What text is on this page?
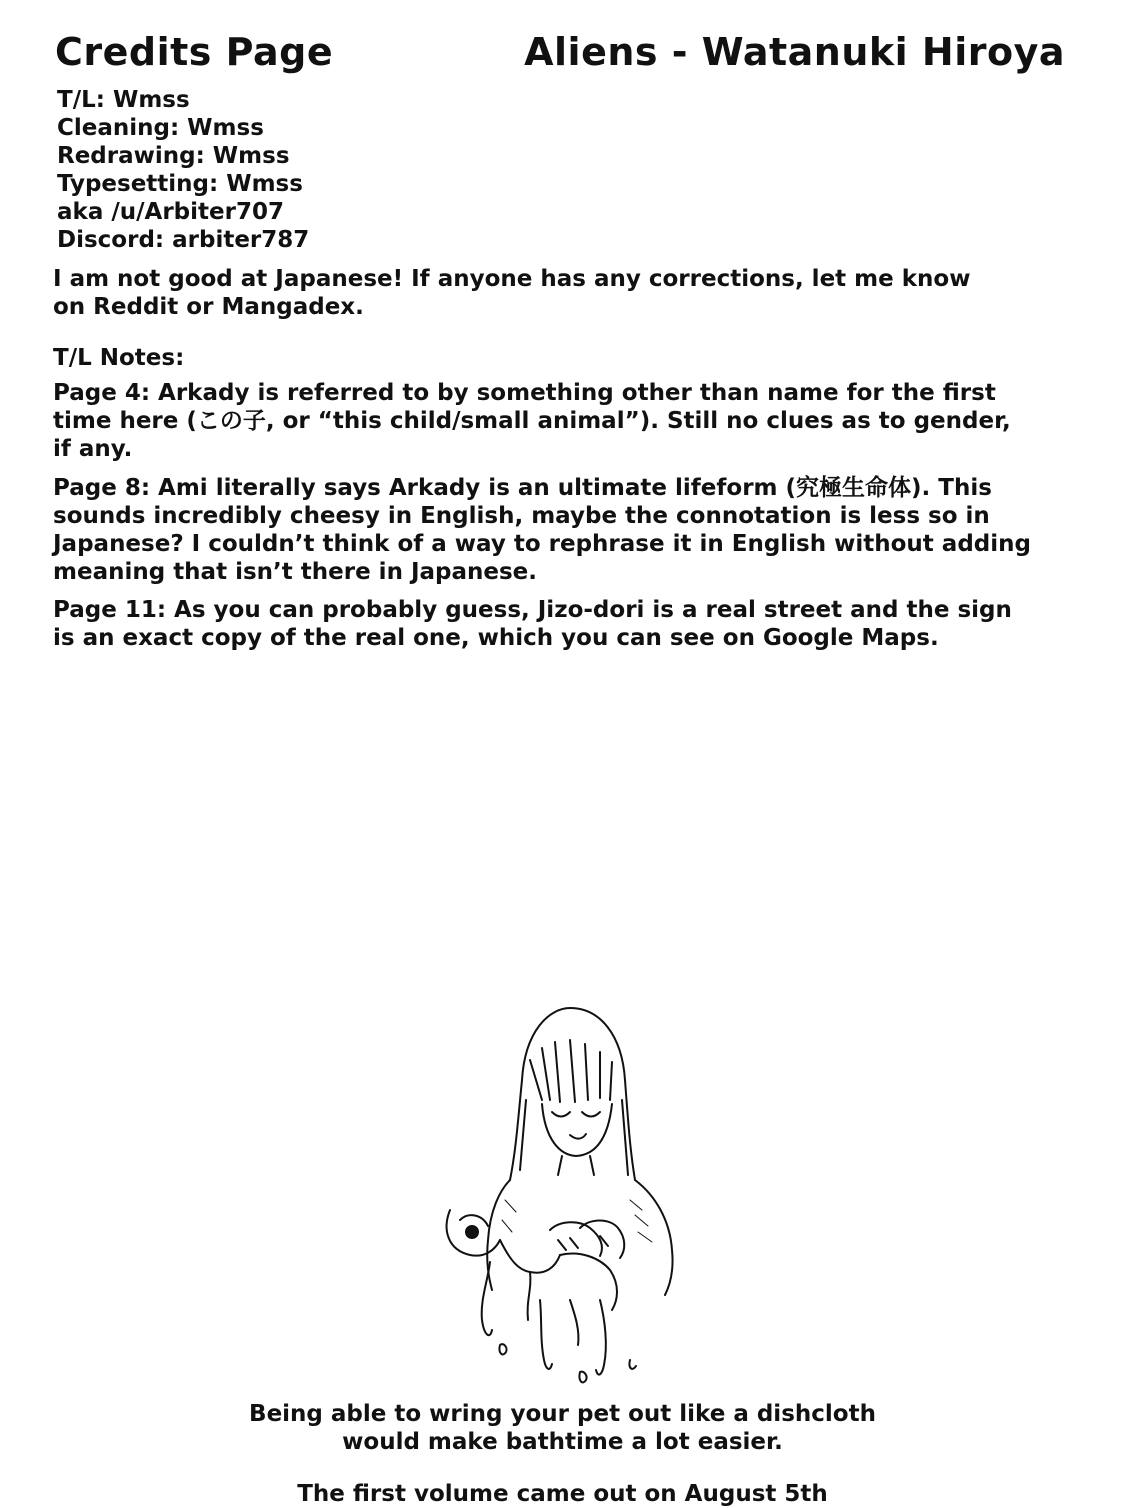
Credits Page	Aliens - Watanuki Hiroya
T/L: Wmss
Cleaning: Wmss
Redrawing: Wmss
Typesetting: Wmss
aka /u/Arbiter707
Discord: arbiter787
I am not good at Japanese! If anyone has any corrections, let me know on Reddit or Mangadex.
T/L Notes:
Page 4: Arkady is referred to by something other than name for the first time here (この子, or “this child/small animal”). Still no clues as to gender, if any.
Page 8: Ami literally says Arkady is an ultimate lifeform (究極生命体). This sounds incredibly cheesy in English, maybe the connotation is less so in Japanese? I couldn’t think of a way to rephrase it in English without adding meaning that isn’t there in Japanese.
Page 11: As you can probably guess, Jizo-dori is a real street and the sign is an exact copy of the real one, which you can see on Google Maps.
Being able to wring your pet out like a dishcloth
would make bathtime a lot easier.
The first volume came out on August 5th
